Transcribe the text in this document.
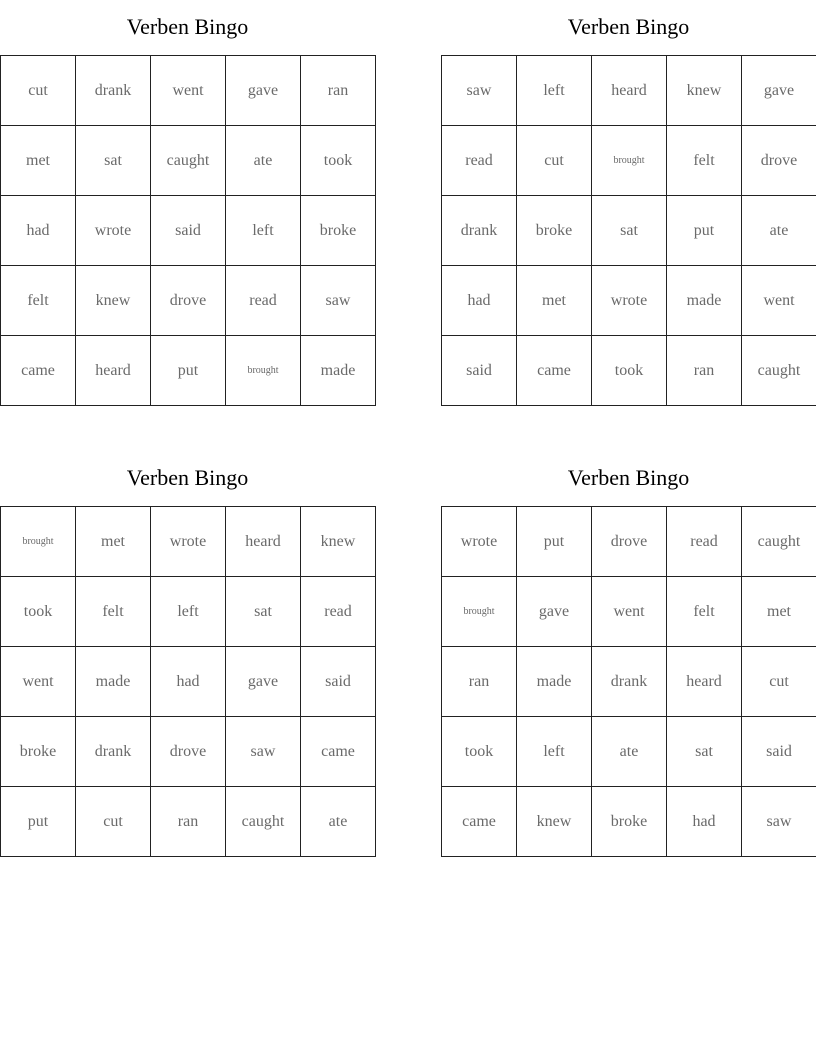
Verben Bingo
cut	drank	went	gave	ran
met	sat	caught	ate	took
had	wrote	said	left	broke
felt	knew	drove	read	saw
came	heard	put	brought	made
Verben Bingo
saw	left	heard	knew	gave
read	cut	brought	felt	drove
drank	broke	sat	put	ate
had	met	wrote	made	went
said	came	took	ran	caught
Verben Bingo
brought	met	wrote	heard	knew
took	felt	left	sat	read
went	made	had	gave	said
broke	drank	drove	saw	came
put	cut	ran	caught	ate
Verben Bingo
wrote	put	drove	read	caught
brought	gave	went	felt	met
ran	made	drank	heard	cut
took	left	ate	sat	said
came	knew	broke	had	saw
